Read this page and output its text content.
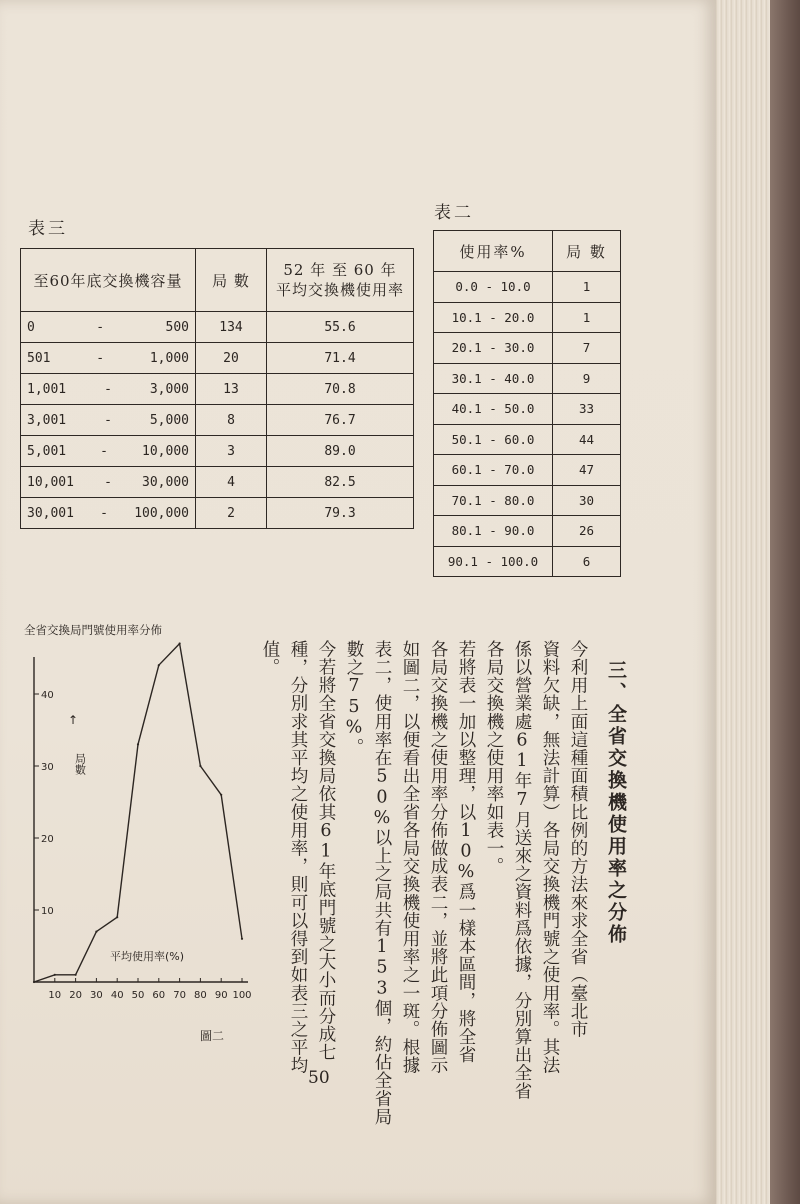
表三
至60年底交換機容量	局 數	52 年 至 60 年
平均交換機使用率

0 - 500	134	55.6

501 - 1,000	20	71.4

1,001 - 3,000	13	70.8

3,001 - 5,000	8	76.7

5,001 - 10,000	3	89.0

10,001 - 30,000	4	82.5

30,001 - 100,000	2	79.3
表二
使用率%	局 數
0.0 - 10.0	1
10.1 - 20.0	1
20.1 - 30.0	7
30.1 - 40.0	9
40.1 - 50.0	33
50.1 - 60.0	44
60.1 - 70.0	47
70.1 - 80.0	30
80.1 - 90.0	26
90.1 - 100.0	6
10
20
30
40
10 20 30 40 50 60 70 80 90 100
全省交換局門號使用率分佈
↑
局數
平均使用率(%)
圖二
三、全省交換機使用率之分佈
今利用上面這種面積比例的方法來求全省（臺北市
資料欠缺，無法計算）各局交換機門號之使用率。其法
係以營業處61年7月送來之資料爲依據，分別算出全省
各局交換機之使用率如表一。
若將表一加以整理，以10%爲一樣本區間，將全省
各局交換機之使用率分佈做成表二，並將此項分佈圖示
如圖二，以便看出全省各局交換機使用率之一斑。根據
表二，使用率在50%以上之局共有153個，約佔全省局
數之75%。
今若將全省交換局依其61年底門號之大小而分成七
種，分別求其平均之使用率，則可以得到如表三之平均
值。
50
